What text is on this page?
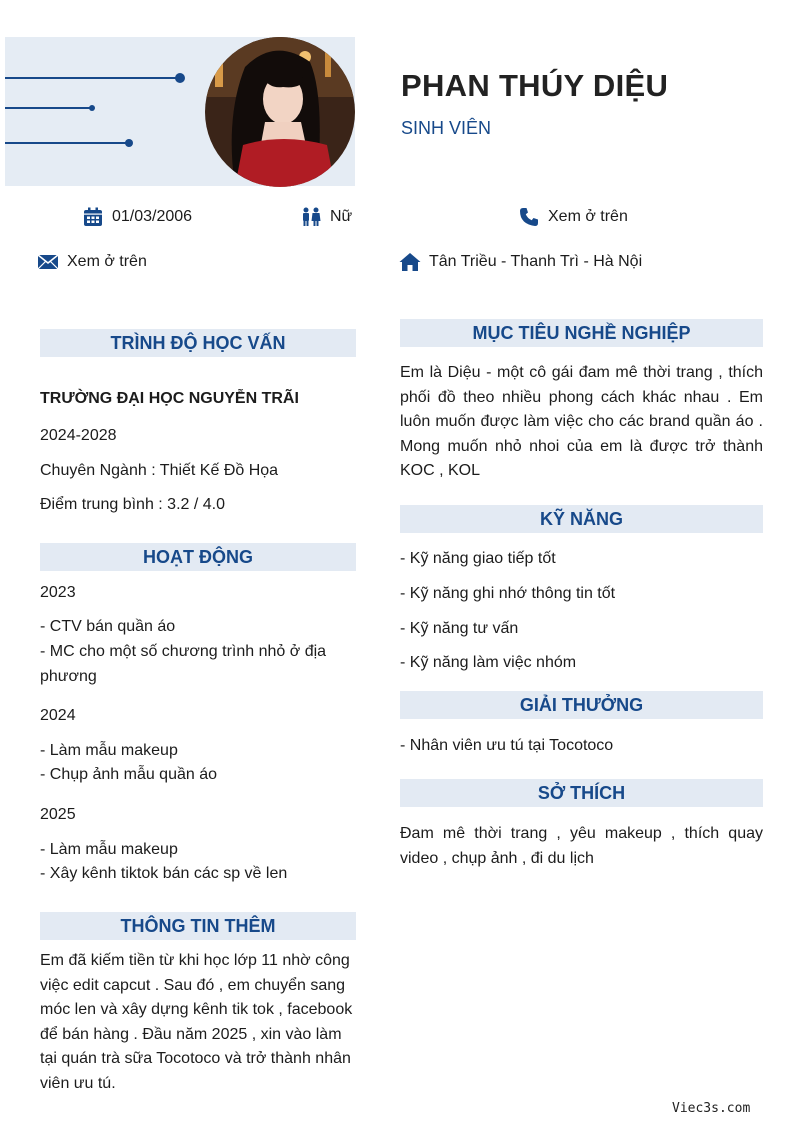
PHAN THÚY DIỆU
SINH VIÊN
01/03/2006	Nữ	Xem ở trên
Xem ở trên	Tân Triều - Thanh Trì - Hà Nội
TRÌNH ĐỘ HỌC VẤN
TRƯỜNG ĐẠI HỌC NGUYỄN TRÃI
2024-2028
Chuyên Ngành : Thiết Kế Đồ Họa
Điểm trung bình : 3.2 / 4.0
HOẠT ĐỘNG
2023
- CTV bán quần áo
- MC cho một số chương trình nhỏ ở địa phương
2024
- Làm mẫu makeup
- Chụp ảnh mẫu quần áo
2025
- Làm mẫu makeup
- Xây kênh tiktok bán các sp về len
THÔNG TIN THÊM
Em đã kiếm tiền từ khi học lớp 11 nhờ công việc edit capcut . Sau đó , em chuyển sang móc len và xây dựng kênh tik tok , facebook để bán hàng . Đầu năm 2025 , xin vào làm tại quán trà sữa Tocotoco và trở thành nhân viên ưu tú.
MỤC TIÊU NGHỀ NGHIỆP
Em là Diệu - một cô gái đam mê thời trang , thích phối đồ theo nhiều phong cách khác nhau . Em luôn muốn được làm việc cho các brand quần áo . Mong muốn nhỏ nhoi của em là được trở thành KOC , KOL
KỸ NĂNG
- Kỹ năng giao tiếp tốt
- Kỹ năng ghi nhớ thông tin tốt
- Kỹ năng tư vấn
- Kỹ năng làm việc nhóm
GIẢI THƯỞNG
- Nhân viên ưu tú tại Tocotoco
SỞ THÍCH
Đam mê thời trang , yêu makeup , thích quay video , chụp ảnh , đi du lịch
Viec3s.com
